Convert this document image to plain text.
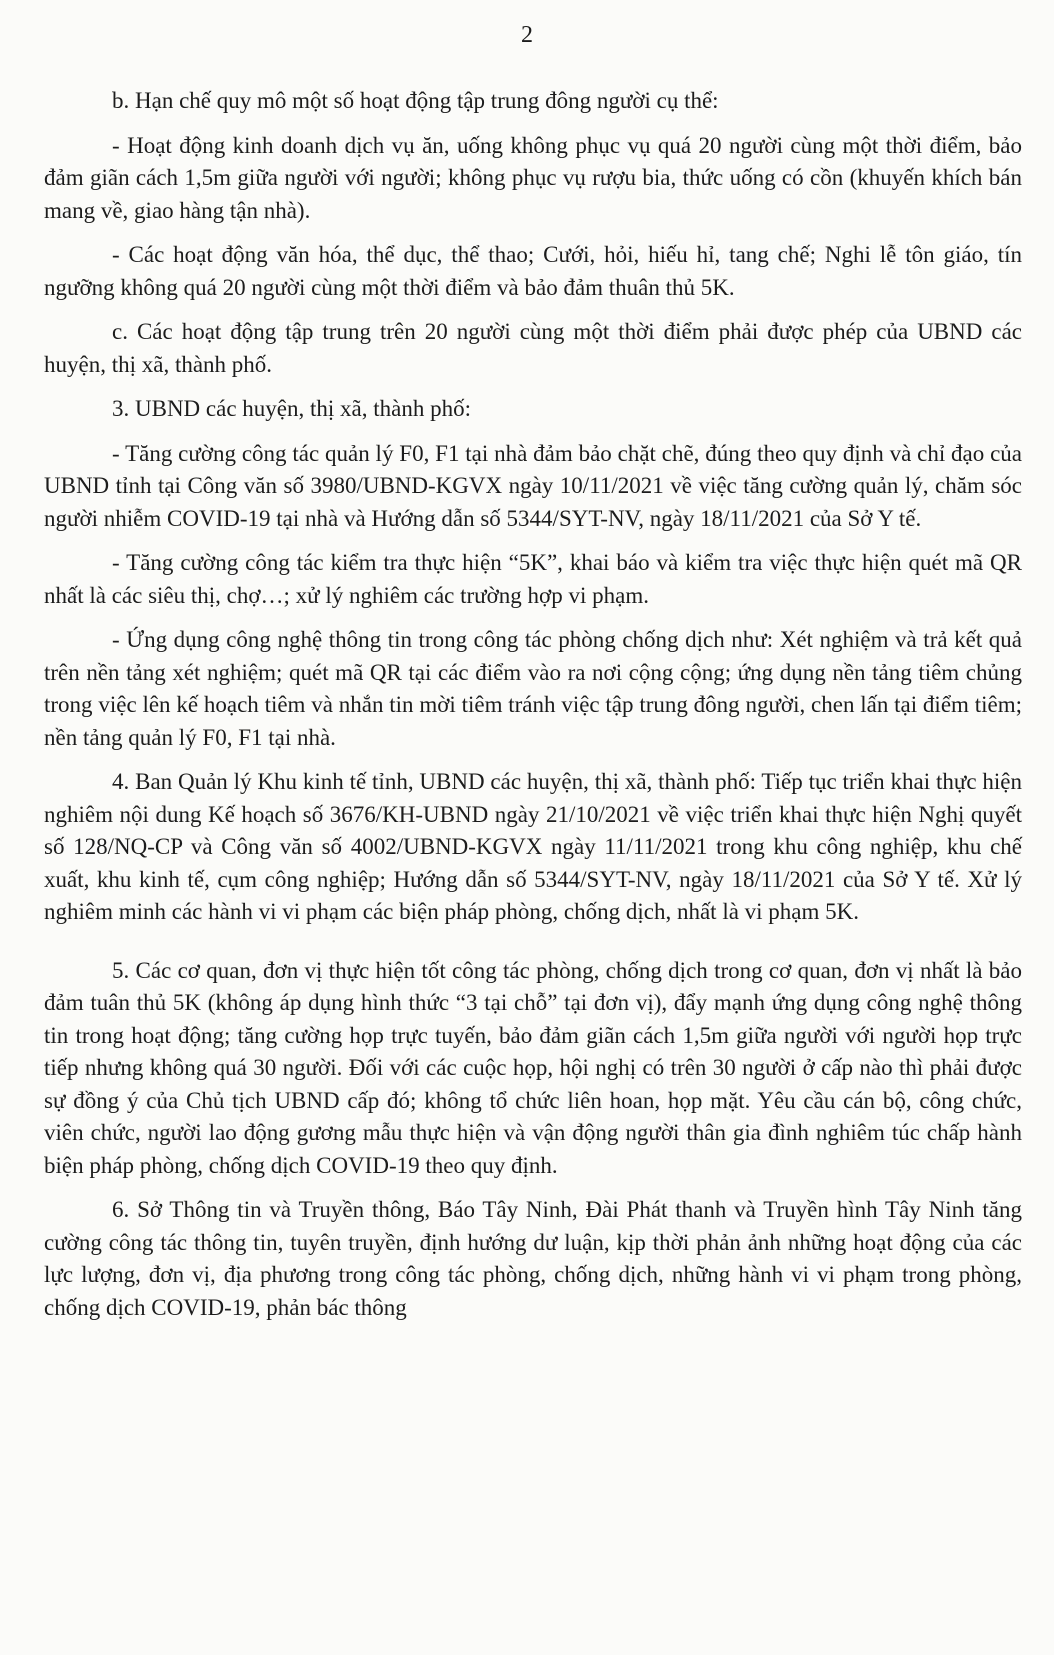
2

b. Hạn chế quy mô một số hoạt động tập trung đông người cụ thể:

- Hoạt động kinh doanh dịch vụ ăn, uống không phục vụ quá 20 người cùng một thời điểm, bảo đảm giãn cách 1,5m giữa người với người; không phục vụ rượu bia, thức uống có cồn (khuyến khích bán mang về, giao hàng tận nhà).

- Các hoạt động văn hóa, thể dục, thể thao; Cưới, hỏi, hiếu hỉ, tang chế; Nghi lễ tôn giáo, tín ngưỡng không quá 20 người cùng một thời điểm và bảo đảm thuân thủ 5K.

c. Các hoạt động tập trung trên 20 người cùng một thời điểm phải được phép của UBND các huyện, thị xã, thành phố.

3. UBND các huyện, thị xã, thành phố:

- Tăng cường công tác quản lý F0, F1 tại nhà đảm bảo chặt chẽ, đúng theo quy định và chỉ đạo của UBND tỉnh tại Công văn số 3980/UBND-KGVX ngày 10/11/2021 về việc tăng cường quản lý, chăm sóc người nhiễm COVID-19 tại nhà và Hướng dẫn số 5344/SYT-NV, ngày 18/11/2021 của Sở Y tế.

- Tăng cường công tác kiểm tra thực hiện “5K”, khai báo và kiểm tra việc thực hiện quét mã QR nhất là các siêu thị, chợ…; xử lý nghiêm các trường hợp vi phạm.

- Ứng dụng công nghệ thông tin trong công tác phòng chống dịch như: Xét nghiệm và trả kết quả trên nền tảng xét nghiệm; quét mã QR tại các điểm vào ra nơi cộng cộng; ứng dụng nền tảng tiêm chủng trong việc lên kế hoạch tiêm và nhắn tin mời tiêm tránh việc tập trung đông người, chen lấn tại điểm tiêm; nền tảng quản lý F0, F1 tại nhà.

4. Ban Quản lý Khu kinh tế tỉnh, UBND các huyện, thị xã, thành phố: Tiếp tục triển khai thực hiện nghiêm nội dung Kế hoạch số 3676/KH-UBND ngày 21/10/2021 về việc triển khai thực hiện Nghị quyết số 128/NQ-CP và Công văn số 4002/UBND-KGVX ngày 11/11/2021 trong khu công nghiệp, khu chế xuất, khu kinh tế, cụm công nghiệp; Hướng dẫn số 5344/SYT-NV, ngày 18/11/2021 của Sở Y tế. Xử lý nghiêm minh các hành vi vi phạm các biện pháp phòng, chống dịch, nhất là vi phạm 5K.

5. Các cơ quan, đơn vị thực hiện tốt công tác phòng, chống dịch trong cơ quan, đơn vị nhất là bảo đảm tuân thủ 5K (không áp dụng hình thức “3 tại chỗ” tại đơn vị), đẩy mạnh ứng dụng công nghệ thông tin trong hoạt động; tăng cường họp trực tuyến, bảo đảm giãn cách 1,5m giữa người với người họp trực tiếp nhưng không quá 30 người. Đối với các cuộc họp, hội nghị có trên 30 người ở cấp nào thì phải được sự đồng ý của Chủ tịch UBND cấp đó; không tổ chức liên hoan, họp mặt. Yêu cầu cán bộ, công chức, viên chức, người lao động gương mẫu thực hiện và vận động người thân gia đình nghiêm túc chấp hành biện pháp phòng, chống dịch COVID-19 theo quy định.

6. Sở Thông tin và Truyền thông, Báo Tây Ninh, Đài Phát thanh và Truyền hình Tây Ninh tăng cường công tác thông tin, tuyên truyền, định hướng dư luận, kịp thời phản ảnh những hoạt động của các lực lượng, đơn vị, địa phương trong công tác phòng, chống dịch, những hành vi vi phạm trong phòng, chống dịch COVID-19, phản bác thông
